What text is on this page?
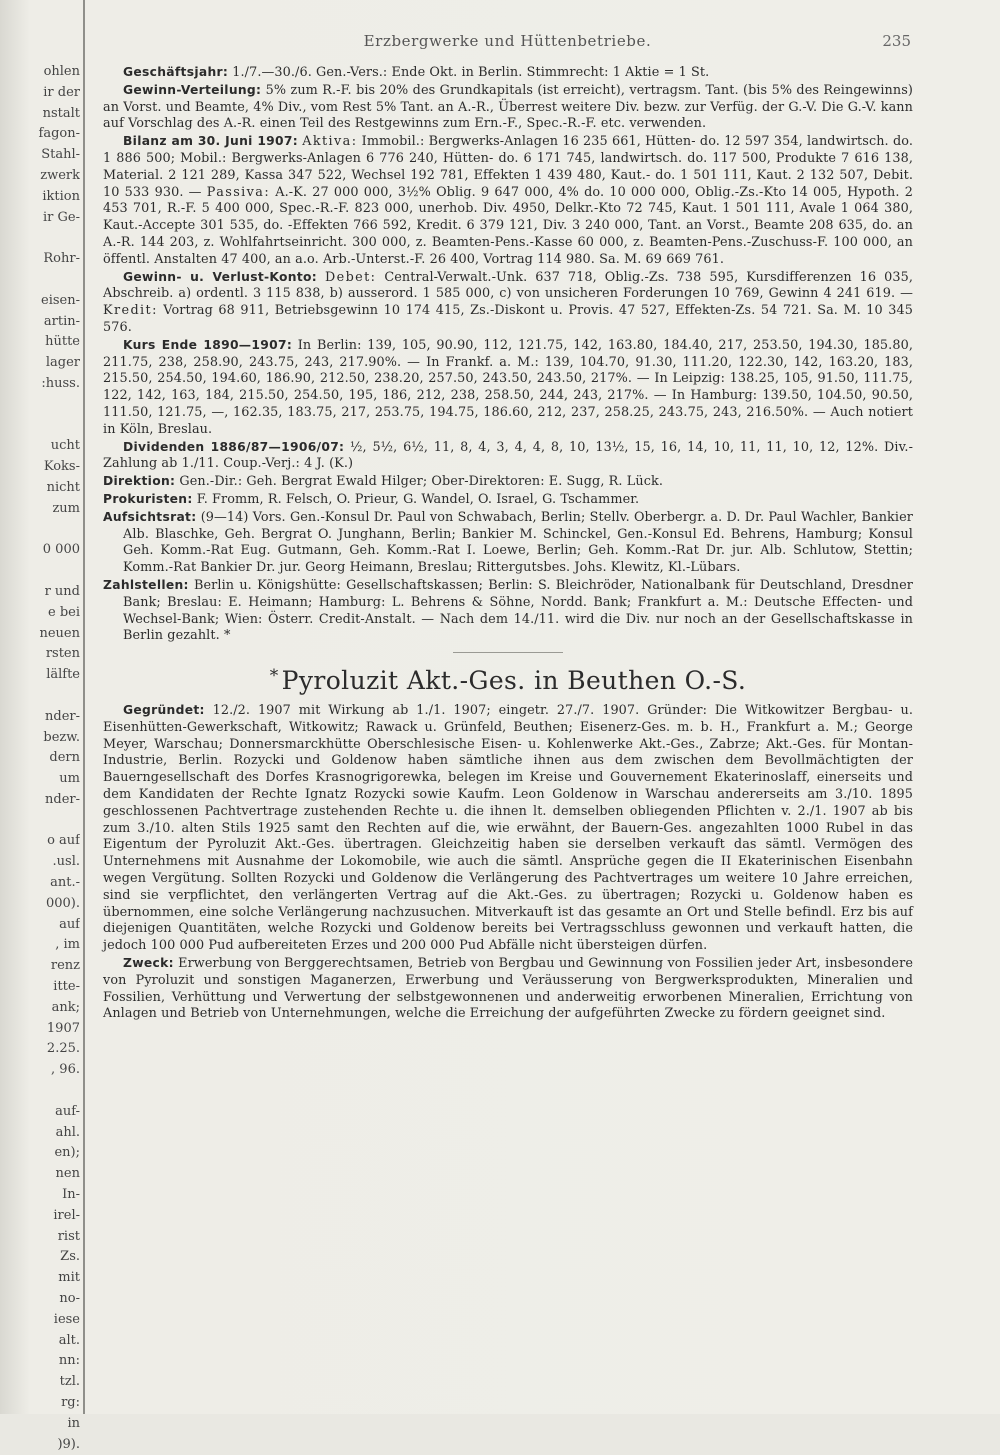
ohlen
ir der
nstalt
fagon-
Stahl-
zwerk
iktion
ir Ge-

Rohr-

eisen-
artin-
hütte
lager
:huss.

ucht
Koks-
nicht
zum

0 000

r und
e bei
neuen
rsten
lälfte

nder-
bezw.
dern
um
nder-

o auf
.usl.
ant.-
000).
auf
, im
renz
itte-
ank;
1907
2.25.
, 96.

auf-
ahl.
en);
nen
In-
irel-
rist
Zs.
mit
no-
iese
alt.
nn:
tzl.
rg:
in
)9).
Erzbergwerke und Hüttenbetriebe.	235

Geschäftsjahr: 1./7.—30./6. Gen.-Vers.: Ende Okt. in Berlin. Stimmrecht: 1 Aktie = 1 St.

Gewinn-Verteilung: 5% zum R.-F. bis 20% des Grundkapitals (ist erreicht), vertragsm. Tant. (bis 5% des Reingewinns) an Vorst. und Beamte, 4% Div., vom Rest 5% Tant. an A.-R., Überrest weitere Div. bezw. zur Verfüg. der G.-V. Die G.-V. kann auf Vorschlag des A.-R. einen Teil des Restgewinns zum Ern.-F., Spec.-R.-F. etc. verwenden.

Bilanz am 30. Juni 1907: Aktiva: Immobil.: Bergwerks-Anlagen 16 235 661, Hütten- do. 12 597 354, landwirtsch. do. 1 886 500; Mobil.: Bergwerks-Anlagen 6 776 240, Hütten- do. 6 171 745, landwirtsch. do. 117 500, Produkte 7 616 138, Material. 2 121 289, Kassa 347 522, Wechsel 192 781, Effekten 1 439 480, Kaut.- do. 1 501 111, Kaut. 2 132 507, Debit. 10 533 930. — Passiva: A.-K. 27 000 000, 3½% Oblig. 9 647 000, 4% do. 10 000 000, Oblig.-Zs.-Kto 14 005, Hypoth. 2 453 701, R.-F. 5 400 000, Spec.-R.-F. 823 000, unerhob. Div. 4950, Delkr.-Kto 72 745, Kaut. 1 501 111, Avale 1 064 380, Kaut.-Accepte 301 535, do. -Effekten 766 592, Kredit. 6 379 121, Div. 3 240 000, Tant. an Vorst., Beamte 208 635, do. an A.-R. 144 203, z. Wohlfahrtseinricht. 300 000, z. Beamten-Pens.-Kasse 60 000, z. Beamten-Pens.-Zuschuss-F. 100 000, an öffentl. Anstalten 47 400, an a.o. Arb.-Unterst.-F. 26 400, Vortrag 114 980. Sa. M. 69 669 761.

Gewinn- u. Verlust-Konto: Debet: Central-Verwalt.-Unk. 637 718, Oblig.-Zs. 738 595, Kursdifferenzen 16 035, Abschreib. a) ordentl. 3 115 838, b) ausserord. 1 585 000, c) von unsicheren Forderungen 10 769, Gewinn 4 241 619. — Kredit: Vortrag 68 911, Betriebsgewinn 10 174 415, Zs.-Diskont u. Provis. 47 527, Effekten-Zs. 54 721. Sa. M. 10 345 576.

Kurs Ende 1890—1907: In Berlin: 139, 105, 90.90, 112, 121.75, 142, 163.80, 184.40, 217, 253.50, 194.30, 185.80, 211.75, 238, 258.90, 243.75, 243, 217.90%. — In Frankf. a. M.: 139, 104.70, 91.30, 111.20, 122.30, 142, 163.20, 183, 215.50, 254.50, 194.60, 186.90, 212.50, 238.20, 257.50, 243.50, 243.50, 217%. — In Leipzig: 138.25, 105, 91.50, 111.75, 122, 142, 163, 184, 215.50, 254.50, 195, 186, 212, 238, 258.50, 244, 243, 217%. — In Hamburg: 139.50, 104.50, 90.50, 111.50, 121.75, —, 162.35, 183.75, 217, 253.75, 194.75, 186.60, 212, 237, 258.25, 243.75, 243, 216.50%. — Auch notiert in Köln, Breslau.

Dividenden 1886/87—1906/07: ½, 5½, 6½, 11, 8, 4, 3, 4, 4, 8, 10, 13½, 15, 16, 14, 10, 11, 11, 10, 12, 12%. Div.-Zahlung ab 1./11. Coup.-Verj.: 4 J. (K.)

Direktion: Gen.-Dir.: Geh. Bergrat Ewald Hilger; Ober-Direktoren: E. Sugg, R. Lück.

Prokuristen: F. Fromm, R. Felsch, O. Prieur, G. Wandel, O. Israel, G. Tschammer.

Aufsichtsrat: (9—14) Vors. Gen.-Konsul Dr. Paul von Schwabach, Berlin; Stellv. Oberbergr. a. D. Dr. Paul Wachler, Bankier Alb. Blaschke, Geh. Bergrat O. Junghann, Berlin; Bankier M. Schinckel, Gen.-Konsul Ed. Behrens, Hamburg; Konsul Geh. Komm.-Rat Eug. Gutmann, Geh. Komm.-Rat I. Loewe, Berlin; Geh. Komm.-Rat Dr. jur. Alb. Schlutow, Stettin; Komm.-Rat Bankier Dr. jur. Georg Heimann, Breslau; Rittergutsbes. Johs. Klewitz, Kl.-Lübars.

Zahlstellen: Berlin u. Königshütte: Gesellschaftskassen; Berlin: S. Bleichröder, Nationalbank für Deutschland, Dresdner Bank; Breslau: E. Heimann; Hamburg: L. Behrens & Söhne, Nordd. Bank; Frankfurt a. M.: Deutsche Effecten- und Wechsel-Bank; Wien: Österr. Credit-Anstalt. — Nach dem 14./11. wird die Div. nur noch an der Gesellschaftskasse in Berlin gezahlt. *

* Pyroluzit Akt.-Ges. in Beuthen O.-S.

Gegründet: 12./2. 1907 mit Wirkung ab 1./1. 1907; eingetr. 27./7. 1907. Gründer: Die Witkowitzer Bergbau- u. Eisenhütten-Gewerkschaft, Witkowitz; Rawack u. Grünfeld, Beuthen; Eisenerz-Ges. m. b. H., Frankfurt a. M.; George Meyer, Warschau; Donnersmarckhütte Oberschlesische Eisen- u. Kohlenwerke Akt.-Ges., Zabrze; Akt.-Ges. für Montan-Industrie, Berlin. Rozycki und Goldenow haben sämtliche ihnen aus dem zwischen dem Bevollmächtigten der Bauerngesellschaft des Dorfes Krasnogrigorewka, belegen im Kreise und Gouvernement Ekaterinoslaff, einerseits und dem Kandidaten der Rechte Ignatz Rozycki sowie Kaufm. Leon Goldenow in Warschau andererseits am 3./10. 1895 geschlossenen Pachtvertrage zustehenden Rechte u. die ihnen lt. demselben obliegenden Pflichten v. 2./1. 1907 ab bis zum 3./10. alten Stils 1925 samt den Rechten auf die, wie erwähnt, der Bauern-Ges. angezahlten 1000 Rubel in das Eigentum der Pyroluzit Akt.-Ges. übertragen. Gleichzeitig haben sie derselben verkauft das sämtl. Vermögen des Unternehmens mit Ausnahme der Lokomobile, wie auch die sämtl. Ansprüche gegen die II Ekaterinischen Eisenbahn wegen Vergütung. Sollten Rozycki und Goldenow die Verlängerung des Pachtvertrages um weitere 10 Jahre erreichen, sind sie verpflichtet, den verlängerten Vertrag auf die Akt.-Ges. zu übertragen; Rozycki u. Goldenow haben es übernommen, eine solche Verlängerung nachzusuchen. Mitverkauft ist das gesamte an Ort und Stelle befindl. Erz bis auf diejenigen Quantitäten, welche Rozycki und Goldenow bereits bei Vertragsschluss gewonnen und verkauft hatten, die jedoch 100 000 Pud aufbereiteten Erzes und 200 000 Pud Abfälle nicht übersteigen dürfen.

Zweck: Erwerbung von Berggerechtsamen, Betrieb von Bergbau und Gewinnung von Fossilien jeder Art, insbesondere von Pyroluzit und sonstigen Maganerzen, Erwerbung und Veräusserung von Bergwerksprodukten, Mineralien und Fossilien, Verhüttung und Verwertung der selbstgewonnenen und anderweitig erworbenen Mineralien, Errichtung von Anlagen und Betrieb von Unternehmungen, welche die Erreichung der aufgeführten Zwecke zu fördern geeignet sind.
